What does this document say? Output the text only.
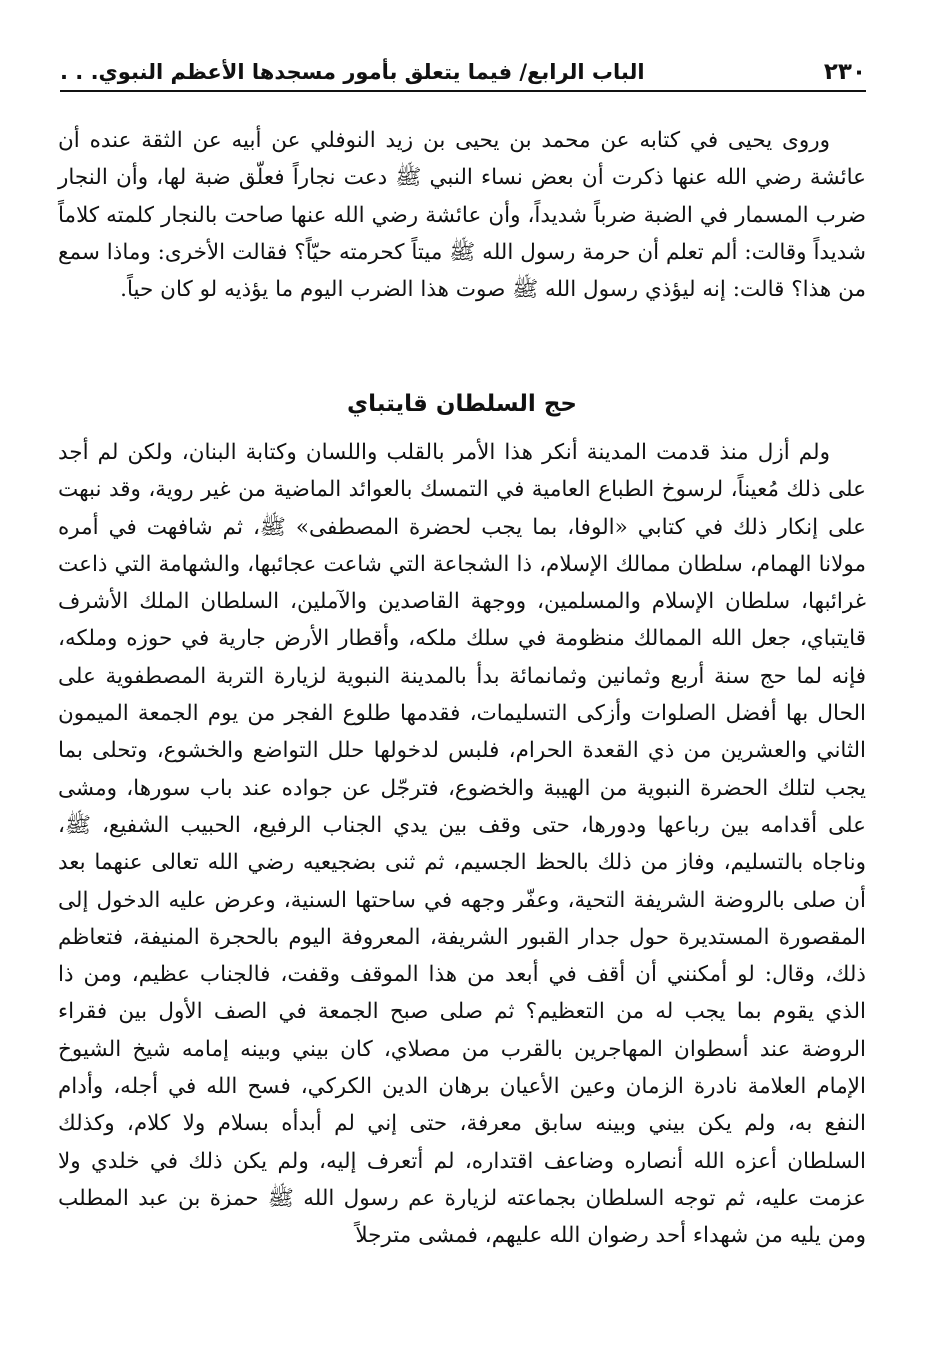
٢٣٠
الباب الرابع/ فيما يتعلق بأمور مسجدها الأعظم النبوي. . .

وروى يحيى في كتابه عن محمد بن يحيى بن زيد النوفلي عن أبيه عن الثقة عنده أن عائشة رضي الله عنها ذكرت أن بعض نساء النبي ﷺ دعت نجاراً فعلّق ضبة لها، وأن النجار ضرب المسمار في الضبة ضرباً شديداً، وأن عائشة رضي الله عنها صاحت بالنجار كلمته كلاماً شديداً وقالت: ألم تعلم أن حرمة رسول الله ﷺ ميتاً كحرمته حيّاً؟ فقالت الأخرى: وماذا سمع من هذا؟ قالت: إنه ليؤذي رسول الله ﷺ صوت هذا الضرب اليوم ما يؤذيه لو كان حياً.

حج السلطان قايتباي

ولم أزل منذ قدمت المدينة أنكر هذا الأمر بالقلب واللسان وكتابة البنان، ولكن لم أجد على ذلك مُعيناً، لرسوخ الطباع العامية في التمسك بالعوائد الماضية من غير روية، وقد نبهت على إنكار ذلك في كتابي «الوفا، بما يجب لحضرة المصطفى» ﷺ، ثم شافهت في أمره مولانا الهمام، سلطان ممالك الإسلام، ذا الشجاعة التي شاعت عجائبها، والشهامة التي ذاعت غرائبها، سلطان الإسلام والمسلمين، ووجهة القاصدين والآملين، السلطان الملك الأشرف قايتباي، جعل الله الممالك منظومة في سلك ملكه، وأقطار الأرض جارية في حوزه وملكه، فإنه لما حج سنة أربع وثمانين وثمانمائة بدأ بالمدينة النبوية لزيارة التربة المصطفوية على الحال بها أفضل الصلوات وأزكى التسليمات، فقدمها طلوع الفجر من يوم الجمعة الميمون الثاني والعشرين من ذي القعدة الحرام، فلبس لدخولها حلل التواضع والخشوع، وتحلى بما يجب لتلك الحضرة النبوية من الهيبة والخضوع، فترجّل عن جواده عند باب سورها، ومشى على أقدامه بين رباعها ودورها، حتى وقف بين يدي الجناب الرفيع، الحبيب الشفيع، ﷺ، وناجاه بالتسليم، وفاز من ذلك بالحظ الجسيم، ثم ثنى بضجيعيه رضي الله تعالى عنهما بعد أن صلى بالروضة الشريفة التحية، وعفّر وجهه في ساحتها السنية، وعرض عليه الدخول إلى المقصورة المستديرة حول جدار القبور الشريفة، المعروفة اليوم بالحجرة المنيفة، فتعاظم ذلك، وقال: لو أمكنني أن أقف في أبعد من هذا الموقف وقفت، فالجناب عظيم، ومن ذا الذي يقوم بما يجب له من التعظيم؟ ثم صلى صبح الجمعة في الصف الأول بين فقراء الروضة عند أسطوان المهاجرين بالقرب من مصلاي، كان بيني وبينه إمامه شيخ الشيوخ الإمام العلامة نادرة الزمان وعين الأعيان برهان الدين الكركي، فسح الله في أجله، وأدام النفع به، ولم يكن بيني وبينه سابق معرفة، حتى إني لم أبدأه بسلام ولا كلام، وكذلك السلطان أعزه الله أنصاره وضاعف اقتداره، لم أتعرف إليه، ولم يكن ذلك في خلدي ولا عزمت عليه، ثم توجه السلطان بجماعته لزيارة عم رسول الله ﷺ حمزة بن عبد المطلب ومن يليه من شهداء أحد رضوان الله عليهم، فمشى مترجلاً
